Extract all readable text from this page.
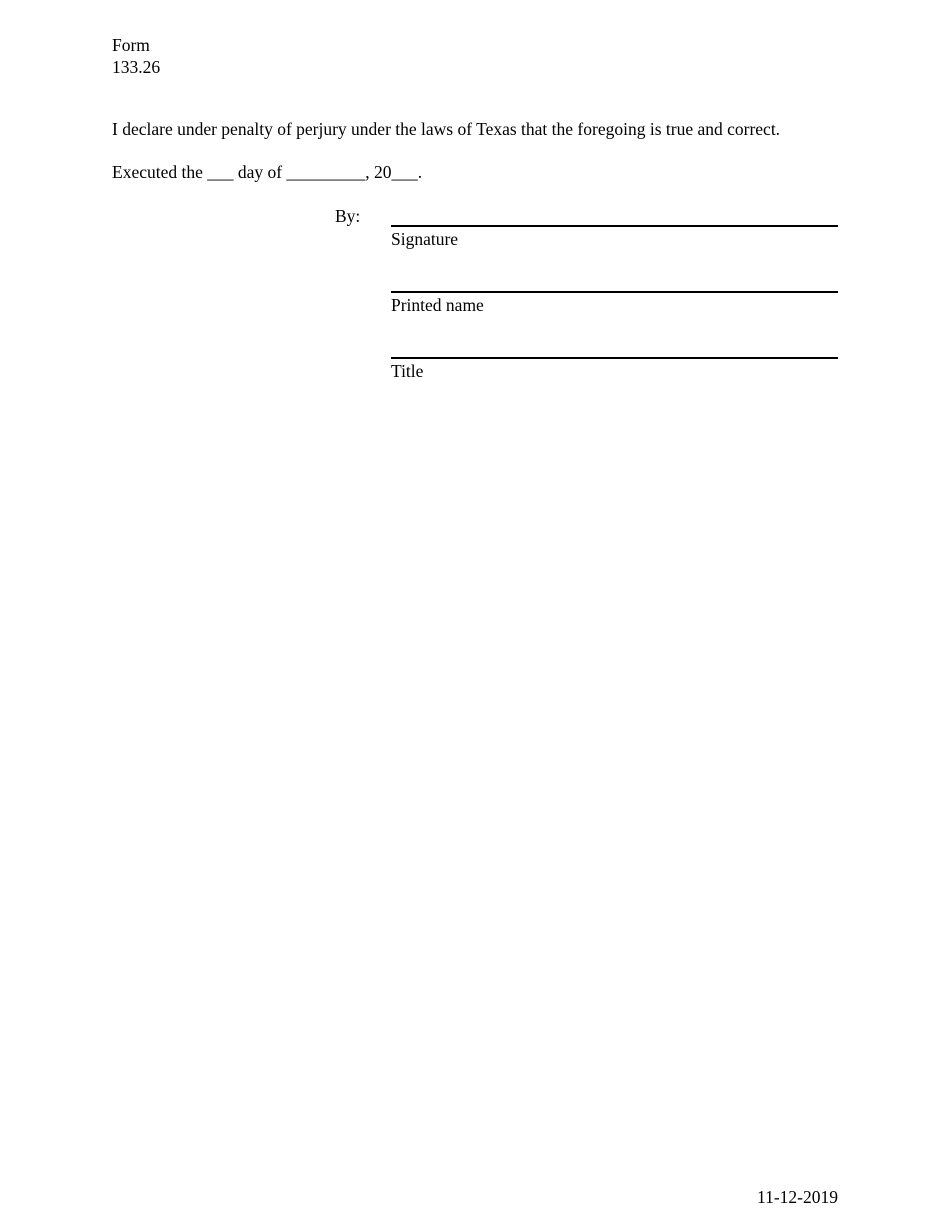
Form
133.26
I declare under penalty of perjury under the laws of Texas that the foregoing is true and correct.
Executed the ___ day of _________, 20___.
By:
Signature
Printed name
Title
11-12-2019
